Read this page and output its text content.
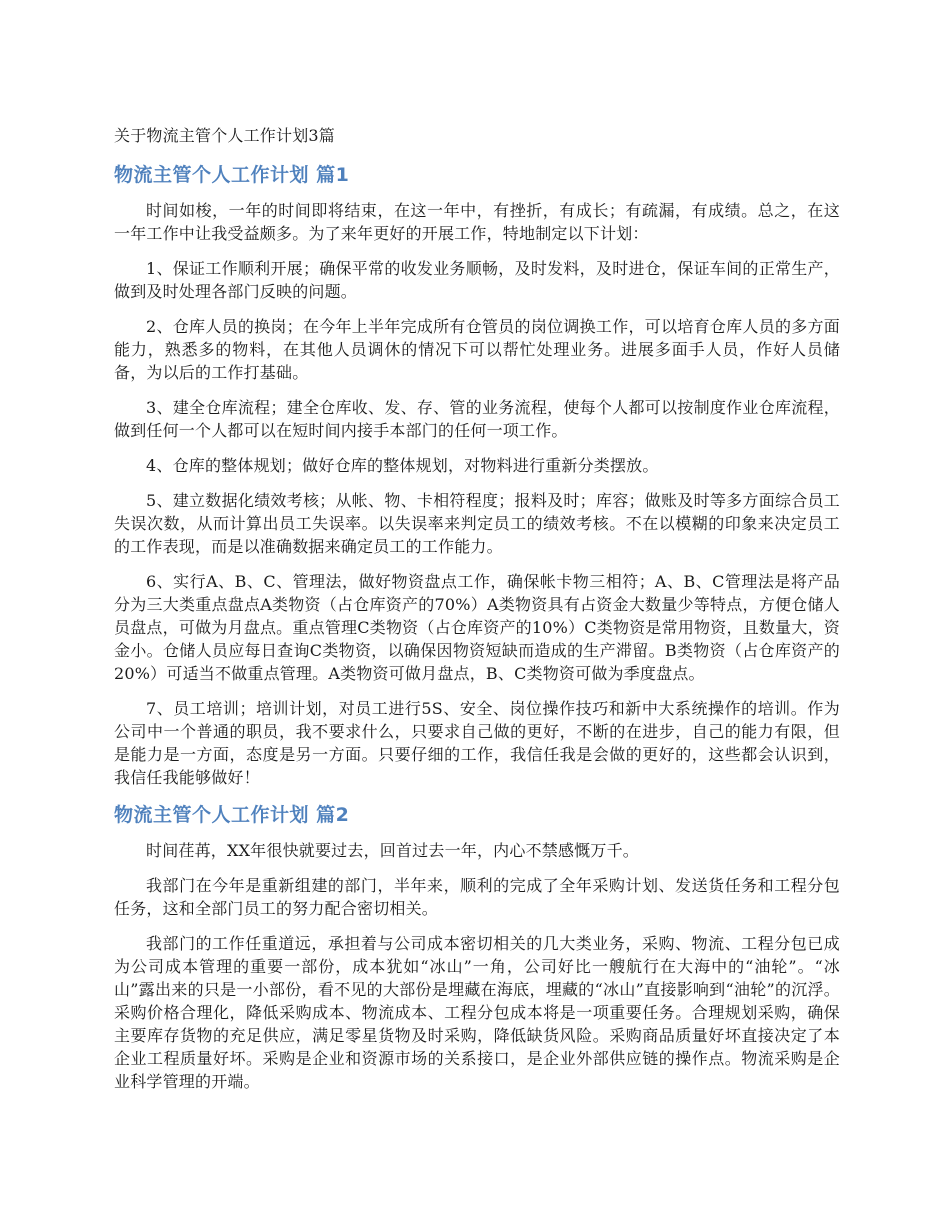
关于物流主管个人工作计划3篇
物流主管个人工作计划 篇1

时间如梭，一年的时间即将结束，在这一年中，有挫折，有成长；有疏漏，有成绩。总之，在这一年工作中让我受益颇多。为了来年更好的开展工作，特地制定以下计划：

1、保证工作顺利开展；确保平常的收发业务顺畅，及时发料，及时进仓，保证车间的正常生产，做到及时处理各部门反映的问题。

2、仓库人员的换岗；在今年上半年完成所有仓管员的岗位调换工作，可以培育仓库人员的多方面能力，熟悉多的物料，在其他人员调休的情况下可以帮忙处理业务。进展多面手人员，作好人员储备，为以后的工作打基础。

3、建全仓库流程；建全仓库收、发、存、管的业务流程，使每个人都可以按制度作业仓库流程，做到任何一个人都可以在短时间内接手本部门的任何一项工作。

4、仓库的整体规划；做好仓库的整体规划，对物料进行重新分类摆放。

5、建立数据化绩效考核；从帐、物、卡相符程度；报料及时；库容；做账及时等多方面综合员工失误次数，从而计算出员工失误率。以失误率来判定员工的绩效考核。不在以模糊的印象来决定员工的工作表现，而是以准确数据来确定员工的工作能力。

6、实行A、B、C、管理法，做好物资盘点工作，确保帐卡物三相符；A、B、C管理法是将产品分为三大类重点盘点A类物资（占仓库资产的70%）A类物资具有占资金大数量少等特点，方便仓储人员盘点，可做为月盘点。重点管理C类物资（占仓库资产的10%）C类物资是常用物资，且数量大，资金小。仓储人员应每日查询C类物资，以确保因物资短缺而造成的生产滞留。B类物资（占仓库资产的20%）可适当不做重点管理。A类物资可做月盘点，B、C类物资可做为季度盘点。

7、员工培训；培训计划，对员工进行5S、安全、岗位操作技巧和新中大系统操作的培训。作为公司中一个普通的职员，我不要求什么，只要求自己做的更好，不断的在进步，自己的能力有限，但是能力是一方面，态度是另一方面。只要仔细的工作，我信任我是会做的更好的，这些都会认识到，我信任我能够做好！

物流主管个人工作计划 篇2

时间荏苒，XX年很快就要过去，回首过去一年，内心不禁感慨万千。

我部门在今年是重新组建的部门，半年来，顺利的完成了全年采购计划、发送货任务和工程分包任务，这和全部门员工的努力配合密切相关。

我部门的工作任重道远，承担着与公司成本密切相关的几大类业务，采购、物流、工程分包已成为公司成本管理的重要一部份，成本犹如“冰山”一角，公司好比一艘航行在大海中的“油轮”。“冰山”露出来的只是一小部份，看不见的大部份是埋藏在海底，埋藏的“冰山”直接影响到“油轮”的沉浮。采购价格合理化，降低采购成本、物流成本、工程分包成本将是一项重要任务。合理规划采购，确保主要库存货物的充足供应，满足零星货物及时采购，降低缺货风险。采购商品质量好坏直接决定了本企业工程质量好坏。采购是企业和资源市场的关系接口，是企业外部供应链的操作点。物流采购是企业科学管理的开端。
